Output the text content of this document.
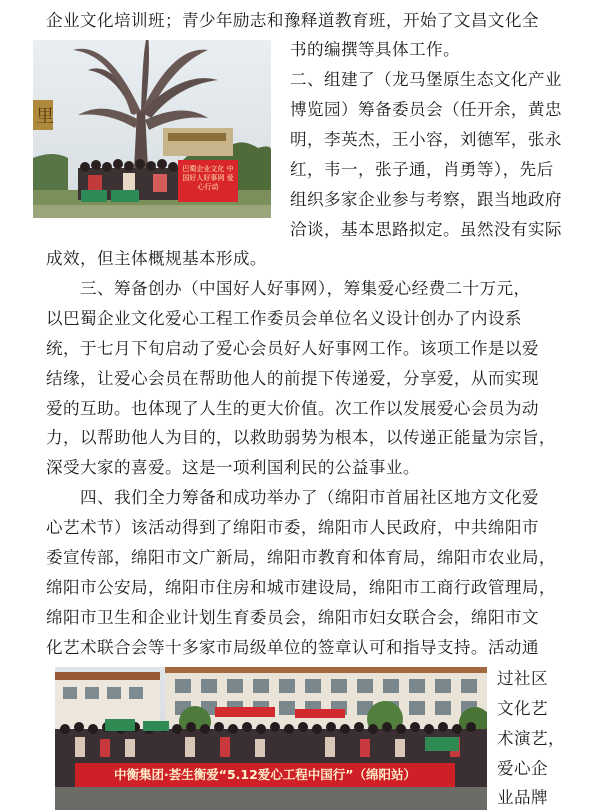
企业文化培训班；青少年励志和豫释道教育班，开始了文昌文化全
书的编撰等具体工作。
二、组建了（龙马堡原生态文化产业
博览园）筹备委员会（任开余，黄忠
明，李英杰，王小容，刘德军，张永
红，韦一，张子通，肖勇等），先后
组织多家企业参与考察，跟当地政府
洽谈，基本思路拟定。虽然没有实际
成效，但主体概规基本形成。
三、筹备创办（中国好人好事网），筹集爱心经费二十万元，
以巴蜀企业文化爱心工程工作委员会单位名义设计创办了内设系
统，于七月下旬启动了爱心会员好人好事网工作。该项工作是以爱
结缘，让爱心会员在帮助他人的前提下传递爱，分享爱，从而实现
爱的互助。也体现了人生的更大价值。次工作以发展爱心会员为动
力，以帮助他人为目的，以救助弱势为根本，以传递正能量为宗旨，
深受大家的喜爱。这是一项利国利民的公益事业。
四、我们全力筹备和成功举办了（绵阳市首届社区地方文化爱
心艺术节）该活动得到了绵阳市委，绵阳市人民政府，中共绵阳市
委宣传部，绵阳市文广新局，绵阳市教育和体育局，绵阳市农业局，
绵阳市公安局，绵阳市住房和城市建设局，绵阳市工商行政管理局，
绵阳市卫生和企业计划生育委员会，绵阳市妇女联合会，绵阳市文
化艺术联合会等十多家市局级单位的签章认可和指导支持。活动通
过社区
文化艺
术演艺，
爱心企
业品牌
里
巴蜀企业文化 中国好人好事网 爱心行动
中衡集团·荟生衡爱“5.12爱心工程中国行”（绵阳站）
